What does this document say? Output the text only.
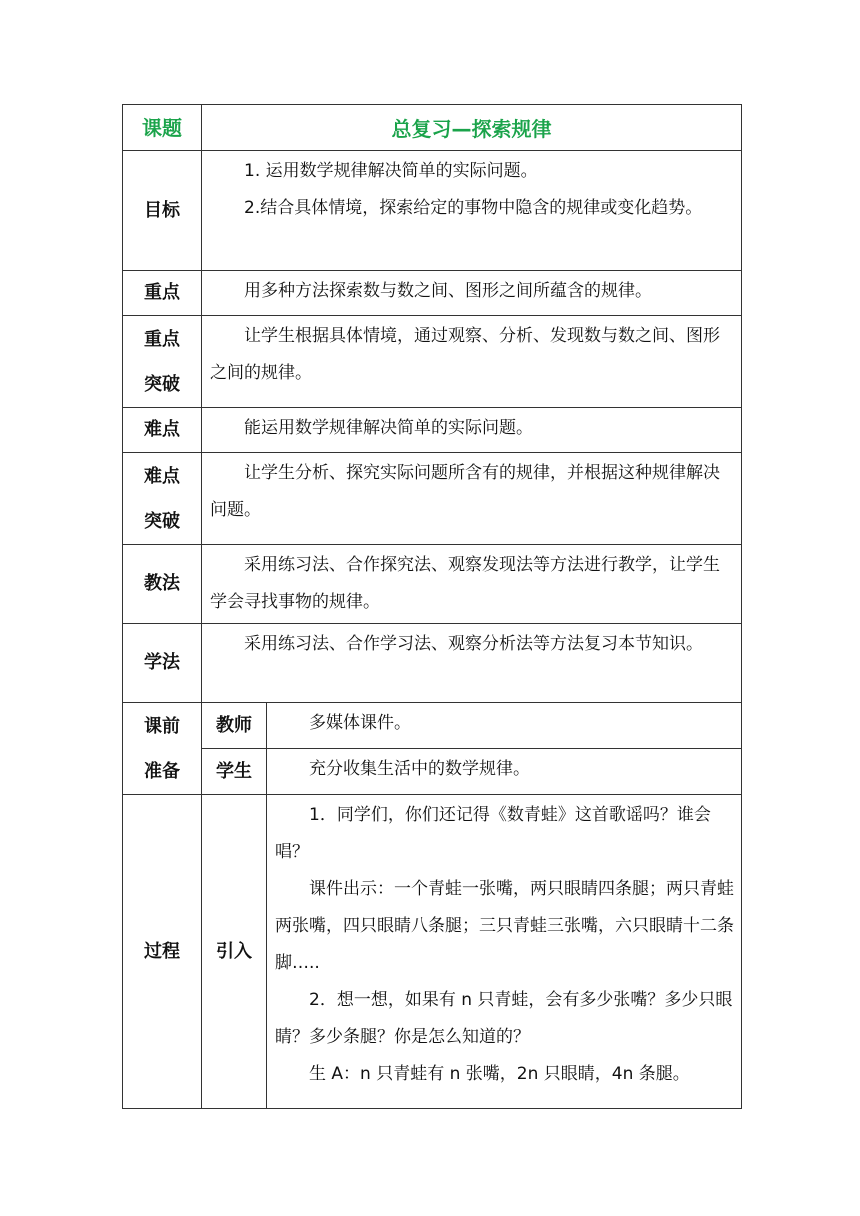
课题	总复习—探索规律	
目标	1. 运用数学规律解决简单的实际问题。

2.结合具体情境，探索给定的事物中隐含的规律或变化趋势。	

重点	用多种方法探索数与数之间、图形之间所蕴含的规律。	

重点
突破	让学生根据具体情境，通过观察、分析、发现数与数之间、图形之间的规律。	

难点	能运用数学规律解决简单的实际问题。	

难点
突破	让学生分析、探究实际问题所含有的规律，并根据这种规律解决问题。	

教法	采用练习法、合作探究法、观察发现法等方法进行教学，让学生学会寻找事物的规律。	

学法	采用练习法、合作学习法、观察分析法等方法复习本节知识。	

课前
准备	教师	多媒体课件。

	学生	充分收集生活中的数学规律。

过程	引入	1．同学们，你们还记得《数青蛙》这首歌谣吗？谁会唱？

课件出示：一个青蛙一张嘴，两只眼睛四条腿；两只青蛙两张嘴，四只眼睛八条腿；三只青蛙三张嘴，六只眼睛十二条脚…..

2．想一想，如果有 n 只青蛙，会有多少张嘴？多少只眼睛？多少条腿？你是怎么知道的？

生 A：n 只青蛙有 n 张嘴，2n 只眼睛，4n 条腿。
